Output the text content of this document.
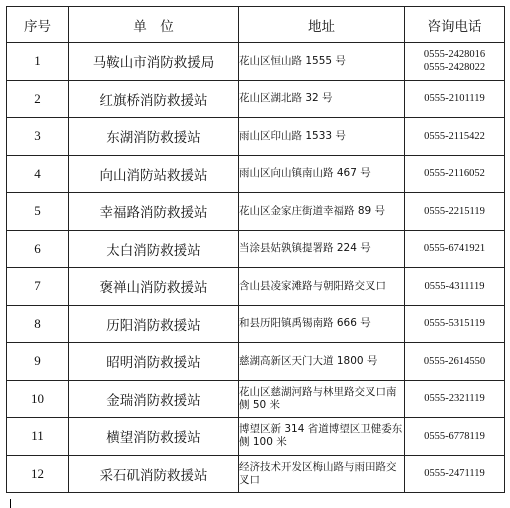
序号	单　位	地址	咨询电话
1	马鞍山市消防救援局	花山区恒山路 1555 号	0555-2428016
0555-2428022

2	红旗桥消防救援站	花山区湖北路 32 号	0555-2101119

3	东湖消防救援站	雨山区印山路 1533 号	0555-2115422

4	向山消防站救援站	雨山区向山镇南山路 467 号	0555-2116052

5	幸福路消防救援站	花山区金家庄街道幸福路 89 号	0555-2215119

6	太白消防救援站	当涂县姑孰镇提署路 224 号	0555-6741921

7	褒禅山消防救援站	含山县凌家滩路与朝阳路交叉口	0555-4311119

8	历阳消防救援站	和县历阳镇禹锡南路 666 号	0555-5315119

9	昭明消防救援站	慈湖高新区天门大道 1800 号	0555-2614550

10	金瑞消防救援站	花山区慈湖河路与林里路交叉口南侧 50 米	0555-2321119

11	横望消防救援站	博望区新 314 省道博望区卫健委东侧 100 米	0555-6778119

12	采石矶消防救援站	经济技术开发区梅山路与雨田路交叉口	0555-2471119
